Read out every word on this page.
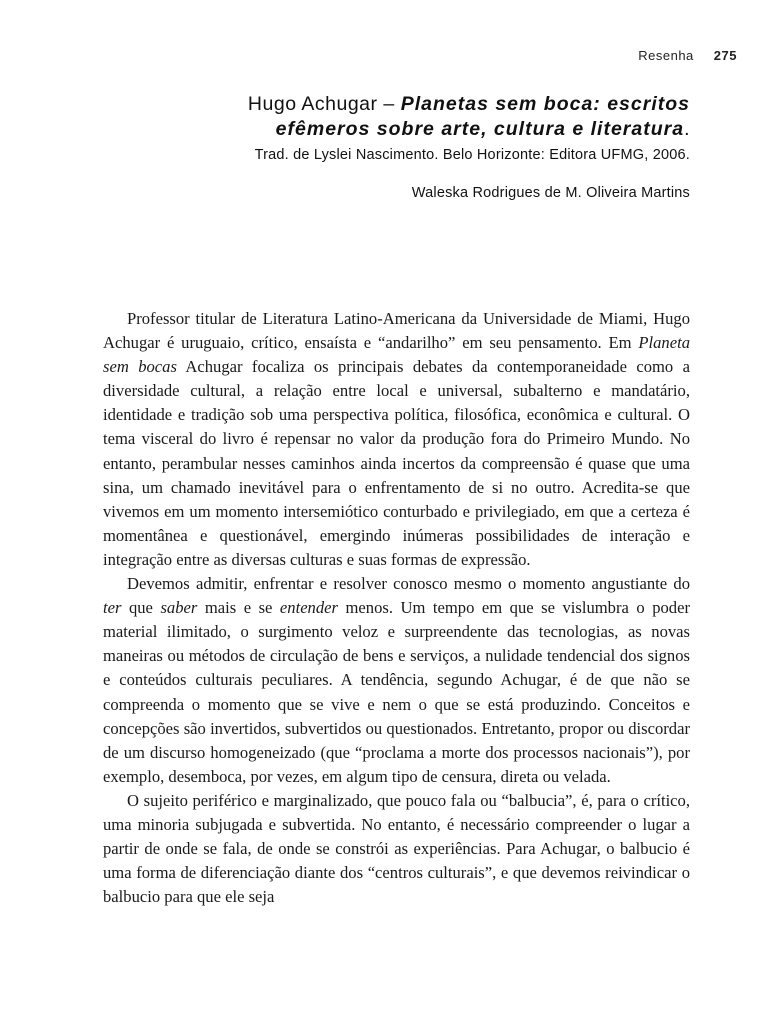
Resenha 275
Hugo Achugar – Planetas sem boca: escritos
efêmeros sobre arte, cultura e literatura.
Trad. de Lyslei Nascimento. Belo Horizonte: Editora UFMG, 2006.
Waleska Rodrigues de M. Oliveira Martins

Professor titular de Literatura Latino-Americana da Universidade de Miami, Hugo Achugar é uruguaio, crítico, ensaísta e “andarilho” em seu pensamento. Em Planeta sem bocas Achugar focaliza os principais debates da contemporaneidade como a diversidade cultural, a relação entre local e universal, subalterno e mandatário, identidade e tradição sob uma perspectiva política, filosófica, econômica e cultural. O tema visceral do livro é repensar no valor da produção fora do Primeiro Mundo. No entanto, perambular nesses caminhos ainda incertos da compreensão é quase que uma sina, um chamado inevitável para o enfrentamento de si no outro. Acredita-se que vivemos em um momento intersemiótico conturbado e privilegiado, em que a certeza é momentânea e questionável, emergindo inúmeras possibilidades de interação e integração entre as diversas culturas e suas formas de expressão.

Devemos admitir, enfrentar e resolver conosco mesmo o momento angustiante do ter que saber mais e se entender menos. Um tempo em que se vislumbra o poder material ilimitado, o surgimento veloz e surpreendente das tecnologias, as novas maneiras ou métodos de circulação de bens e serviços, a nulidade tendencial dos signos e conteúdos culturais peculiares. A tendência, segundo Achugar, é de que não se compreenda o momento que se vive e nem o que se está produzindo. Conceitos e concepções são invertidos, subvertidos ou questionados. Entretanto, propor ou discordar de um discurso homogeneizado (que “proclama a morte dos processos nacionais”), por exemplo, desemboca, por vezes, em algum tipo de censura, direta ou velada.

O sujeito periférico e marginalizado, que pouco fala ou “balbucia”, é, para o crítico, uma minoria subjugada e subvertida. No entanto, é necessário compreender o lugar a partir de onde se fala, de onde se constrói as experiências. Para Achugar, o balbucio é uma forma de diferenciação diante dos “centros culturais”, e que devemos reivindicar o balbucio para que ele seja
